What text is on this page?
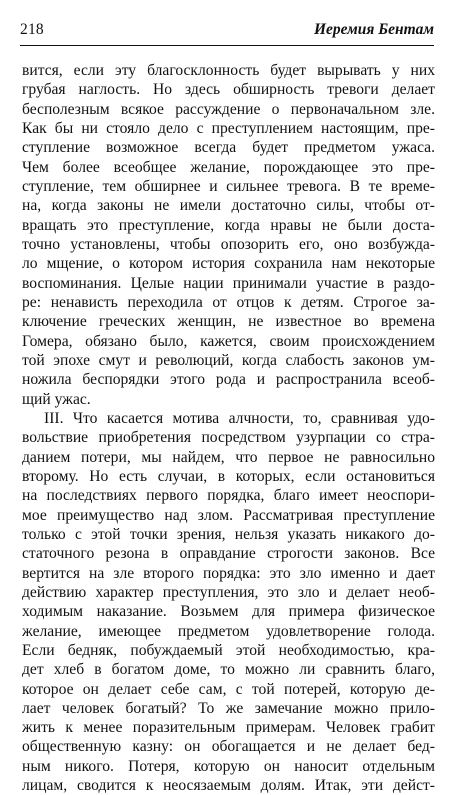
218	Иеремия Бентам
вится, если эту благосклонность будет вырывать у них
грубая наглость. Но здесь обширность тревоги делает
бесполезным всякое рассуждение о первоначальном зле.
Как бы ни стояло дело с преступлением настоящим, пре-
ступление возможное всегда будет предметом ужаса.
Чем более всеобщее желание, порождающее это пре-
ступление, тем обширнее и сильнее тревога. В те време-
на, когда законы не имели достаточно силы, чтобы от-
вращать это преступление, когда нравы не были доста-
точно установлены, чтобы опозорить его, оно возбужда-
ло мщение, о котором история сохранила нам некоторые
воспоминания. Целые нации принимали участие в раздо-
ре: ненависть переходила от отцов к детям. Строгое за-
ключение греческих женщин, не известное во времена
Гомера, обязано было, кажется, своим происхождением
той эпохе смут и революций, когда слабость законов ум-
ножила беспорядки этого рода и распространила всеоб-
щий ужас.
III. Что касается мотива алчности, то, сравнивая удо-
вольствие приобретения посредством узурпации со стра-
данием потери, мы найдем, что первое не равносильно
второму. Но есть случаи, в которых, если остановиться
на последствиях первого порядка, благо имеет неоспори-
мое преимущество над злом. Рассматривая преступление
только с этой точки зрения, нельзя указать никакого до-
статочного резона в оправдание строгости законов. Все
вертится на зле второго порядка: это зло именно и дает
действию характер преступления, это зло и делает необ-
ходимым наказание. Возьмем для примера физическое
желание, имеющее предметом удовлетворение голода.
Если бедняк, побуждаемый этой необходимостью, кра-
дет хлеб в богатом доме, то можно ли сравнить благо,
которое он делает себе сам, с той потерей, которую де-
лает человек богатый? То же замечание можно прило-
жить к менее поразительным примерам. Человек грабит
общественную казну: он обогащается и не делает бед-
ным никого. Потеря, которую он наносит отдельным
лицам, сводится к неосязаемым долям. Итак, эти дейст-
